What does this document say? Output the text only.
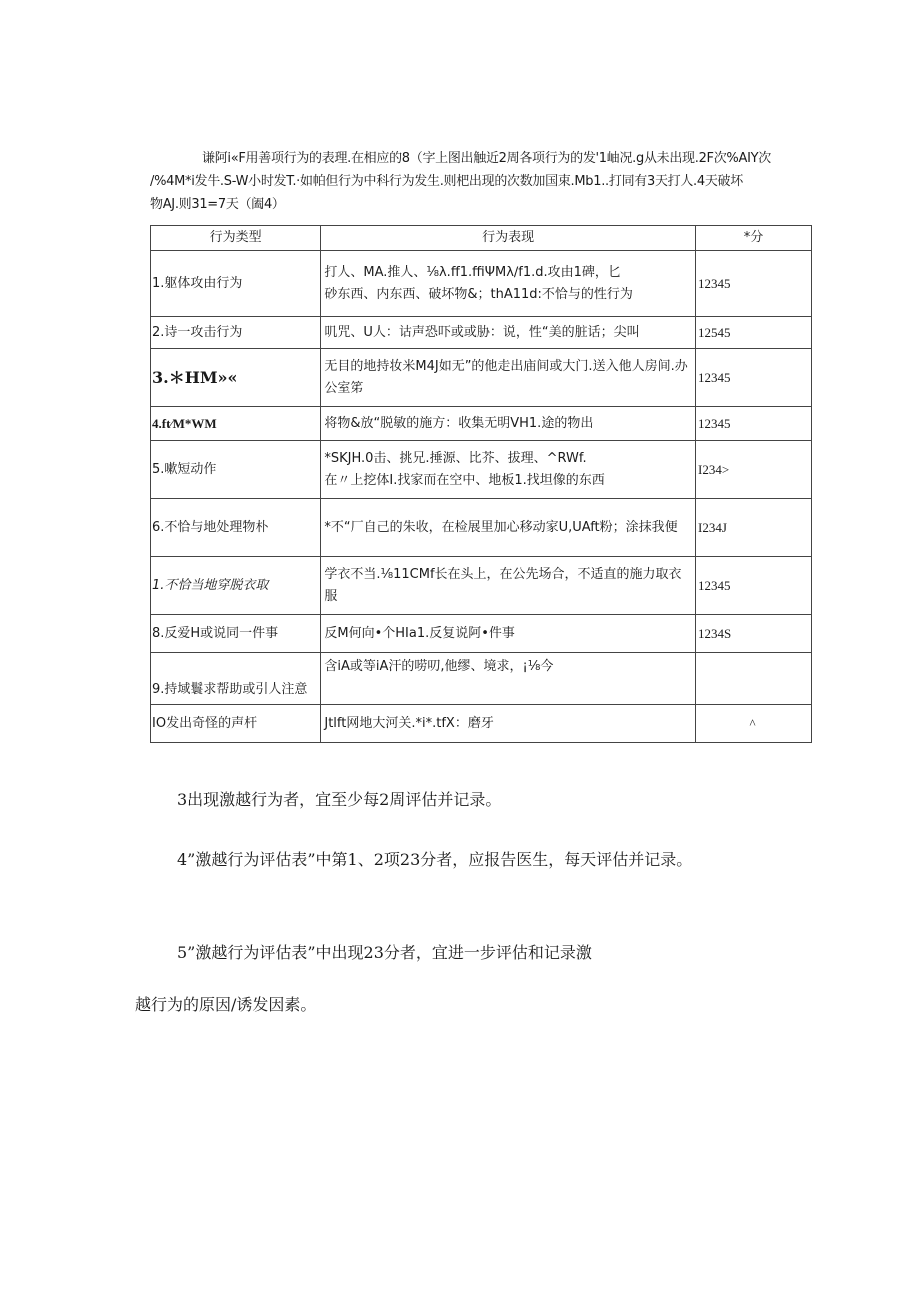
谦阿i«F用善项行为的表理.在相应的8（字上图出触近2周各项行为的发'1岫况.g从未出现.2F次%AIY次

/%4M*i发牛.S-W小时发T.·如帕但行为中科行为发生.则杷出现的次数加国束.Mb1..打同有3天打人.4天破坏

物AJ.则31=7天（阖4）

行为类型	行为表现	*分
1.躯体攻由行为	打人、MA.推人、⅛λ.ff1.ffiΨMλ∕f1.d.攻由1碑，匕
砂东西、内东西、破坏物&；thA11d:不恰与的性行为	12345
2.诗一攻击行为	叽咒、U人：诂声恐吓或或胁：说，性“美的脏话；尖叫	12545
3.＊HM»«	无目的地持妆米M4J如无”的他走出庙间或大门.送入他人房间.办公室笫	12345
4.ft∕M*WM	将物&放“脱敏的施方：收集无明VH1.途的物出	12345
5.嗽短动作	*SKJH.0击、挑兄.捶源、比芥、拔理、^RWf.
在〃上挖体I.找家而在空中、地板1.找坦像的东西	I234>
6.不恰与地处理物朴	*不“厂自己的朱收，在检展里加心移动家U,UAft粉；涂抹我便	I234J
1.不恰当地穿脱衣取	学衣不当.⅛11CMf长在头上，在公先场合，不适直的施力取衣服	12345
8.反爱H或说同一件事	反M何向•个HIa1.反复说阿•件事	1234S
9.持域鬟求帮助或引人注意	含iA或等iA汗的唠叨,他缪、境求，¡⅛今	
IO发出奇怪的声杆	Jtlft网地大河关.*i*.tfX：磨牙	^

3出现激越行为者，宜至少每2周评估并记录。

4”激越行为评估表”中第1、2项23分者，应报告医生，每天评估并记录。

5”激越行为评估表”中出现23分者，宜进一步评估和记录激

越行为的原因/诱发因素。
